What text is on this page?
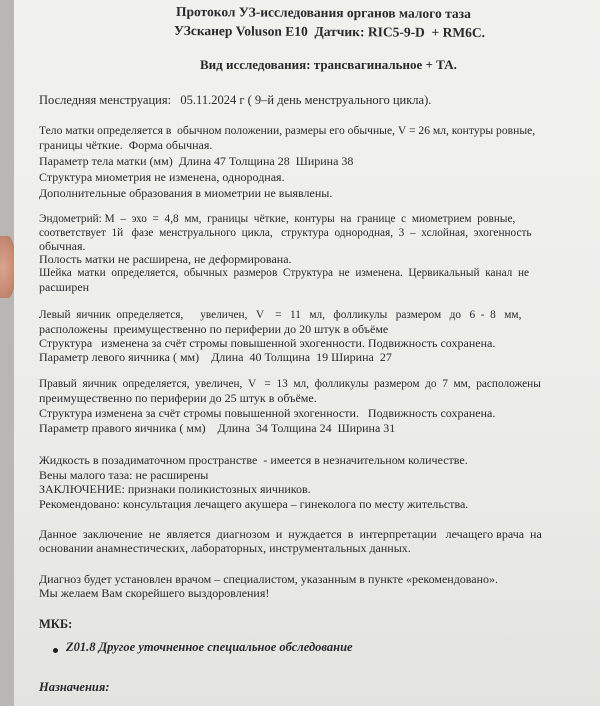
Протокол УЗ-исследования органов малого таза
УЗсканер Voluson E10  Датчик: RIC5-9-D  + RM6C.
Вид исследования: трансвагинальное + ТА.
Последняя менструация:   05.11.2024 г ( 9–й день менструального цикла).
Тело матки определяется в  обычном положении, размеры его обычные, V = 26 мл, контуры ровные,
границы чёткие.  Форма обычная.
Параметр тела матки (мм)  Длина 47 Толщина 28  Ширина 38
Структура миометрия не изменена, однородная.
Дополнительные образования в миометрии не выявлены.
Эндометрий: М  –  эхо  =  4,8  мм,  границы  чёткие,  контуры  на  границе  с  миометрием  ровные,
соответствует  1й   фазе  менструального  цикла,   структура  однородная,  3  –  хслойная,  эхогенность
обычная.
Полость матки не расширена, не деформирована.
Шейка  матки  определяется,  обычных  размеров  Структура  не  изменена.  Цервикальный  канал  не
расширен
Левый  яичник  определяется,      увеличен,   V    =   11   мл,   фолликулы   размером   до   6  -  8   мм,
расположены  преимущественно по периферии до 20 штук в объёме
Структура   изменена за счёт стромы повышенной эхогенности. Подвижность сохранена.
Параметр левого яичника ( мм)    Длина  40 Толщина  19 Ширина  27
Правый  яичник  определяется,  увеличен,  V   =  13  мл,  фолликулы  размером  до  7  мм,  расположены
преимущественно по периферии до 25 штук в объёме.
Структура изменена за счёт стромы повышенной эхогенности.   Подвижность сохранена.
Параметр правого яичника ( мм)    Длина  34 Толщина 24  Ширина 31
Жидкость в позадиматочном пространстве  - имеется в незначительном количестве.
Вены малого таза: не расширены
ЗАКЛЮЧЕНИЕ: признаки поликистозных яичников.
Рекомендовано: консультация лечащего акушера – гинеколога по месту жительства.
Данное  заключение  не  является  диагнозом  и  нуждается  в  интерпретации   лечащего врача  на
основании анамнестических, лабораторных, инструментальных данных.
Диагноз будет установлен врачом – специалистом, указанным в пункте «рекомендовано».
Мы желаем Вам скорейшего выздоровления!
МКБ:
Z01.8 Другое уточненное специальное обследование
Назначения:
